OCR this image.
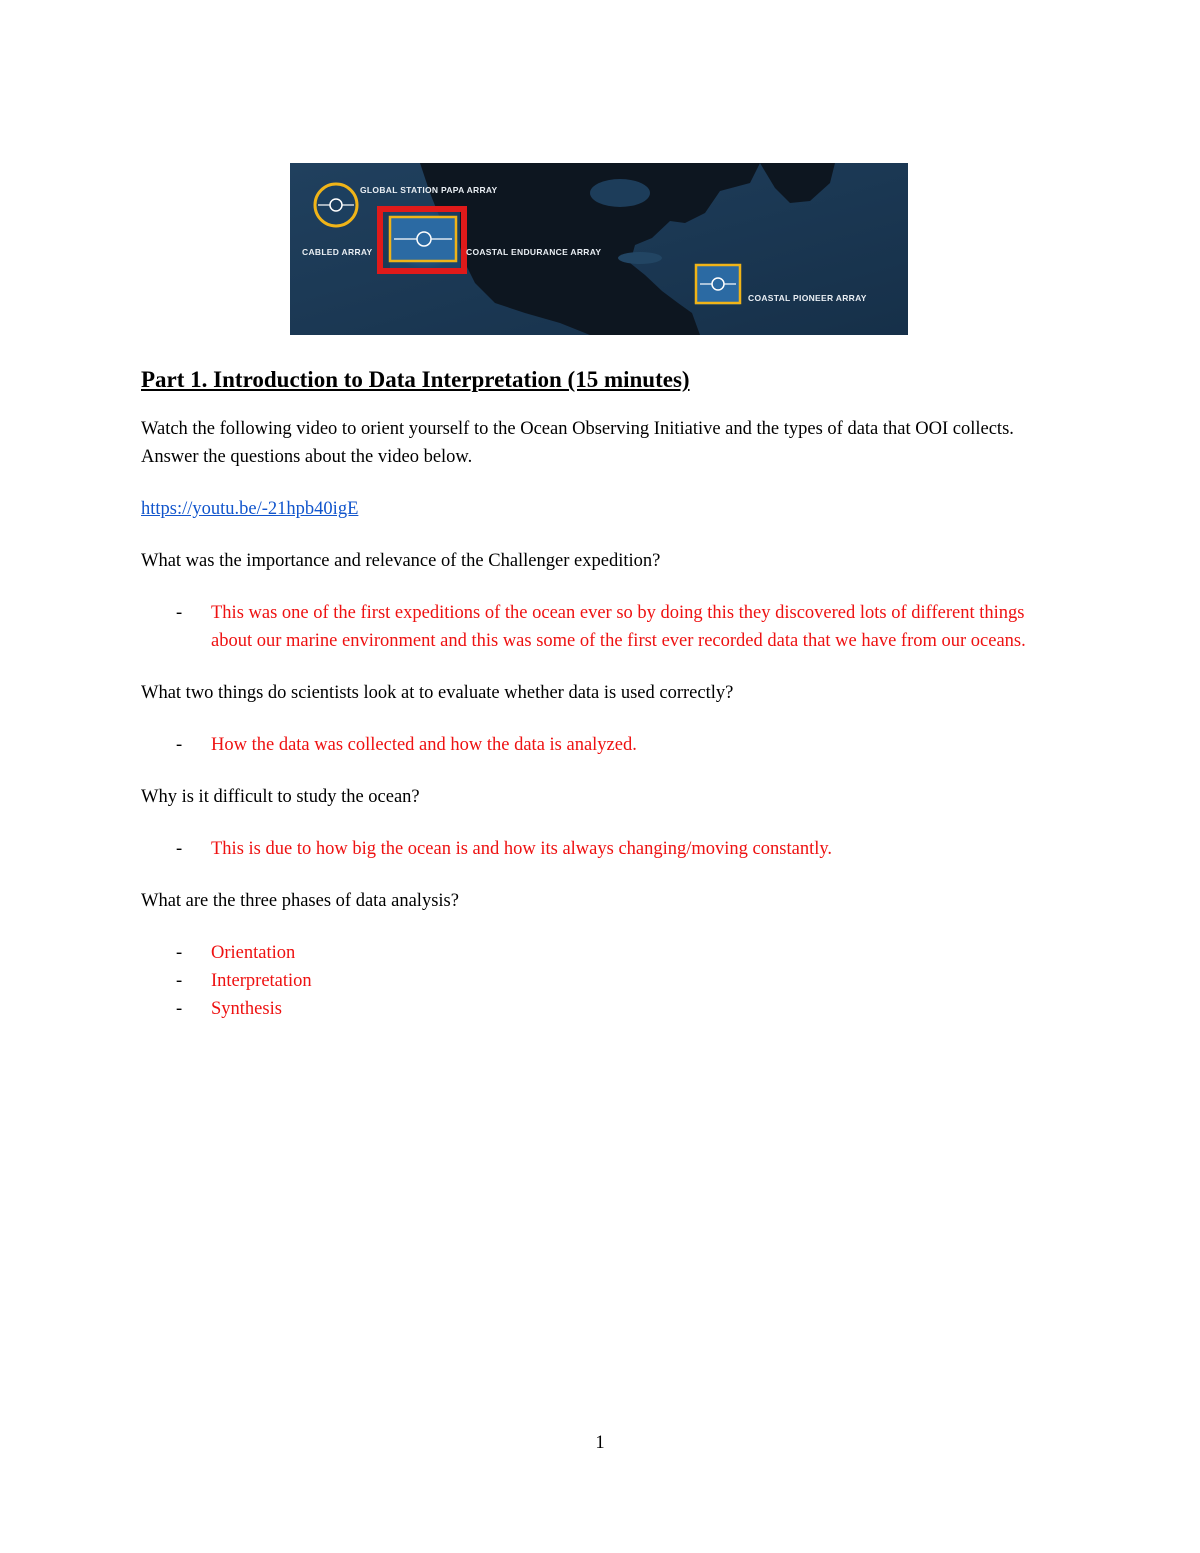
GLOBAL STATION PAPA ARRAY
CABLED ARRAY	COASTAL ENDURANCE ARRAY
COASTAL PIONEER ARRAY
Part 1. Introduction to Data Interpretation (15 minutes)

Watch the following video to orient yourself to the Ocean Observing Initiative and the types of data that OOI collects. Answer the questions about the video below.

https://youtu.be/-21hpb40igE

What was the importance and relevance of the Challenger expedition?

- This was one of the first expeditions of the ocean ever so by doing this they discovered lots of different things about our marine environment and this was some of the first ever recorded data that we have from our oceans.

What two things do scientists look at to evaluate whether data is used correctly?

- How the data was collected and how the data is analyzed.

Why is it difficult to study the ocean?

- This is due to how big the ocean is and how its always changing/moving constantly.

What are the three phases of data analysis?

- Orientation
- Interpretation
- Synthesis
1
